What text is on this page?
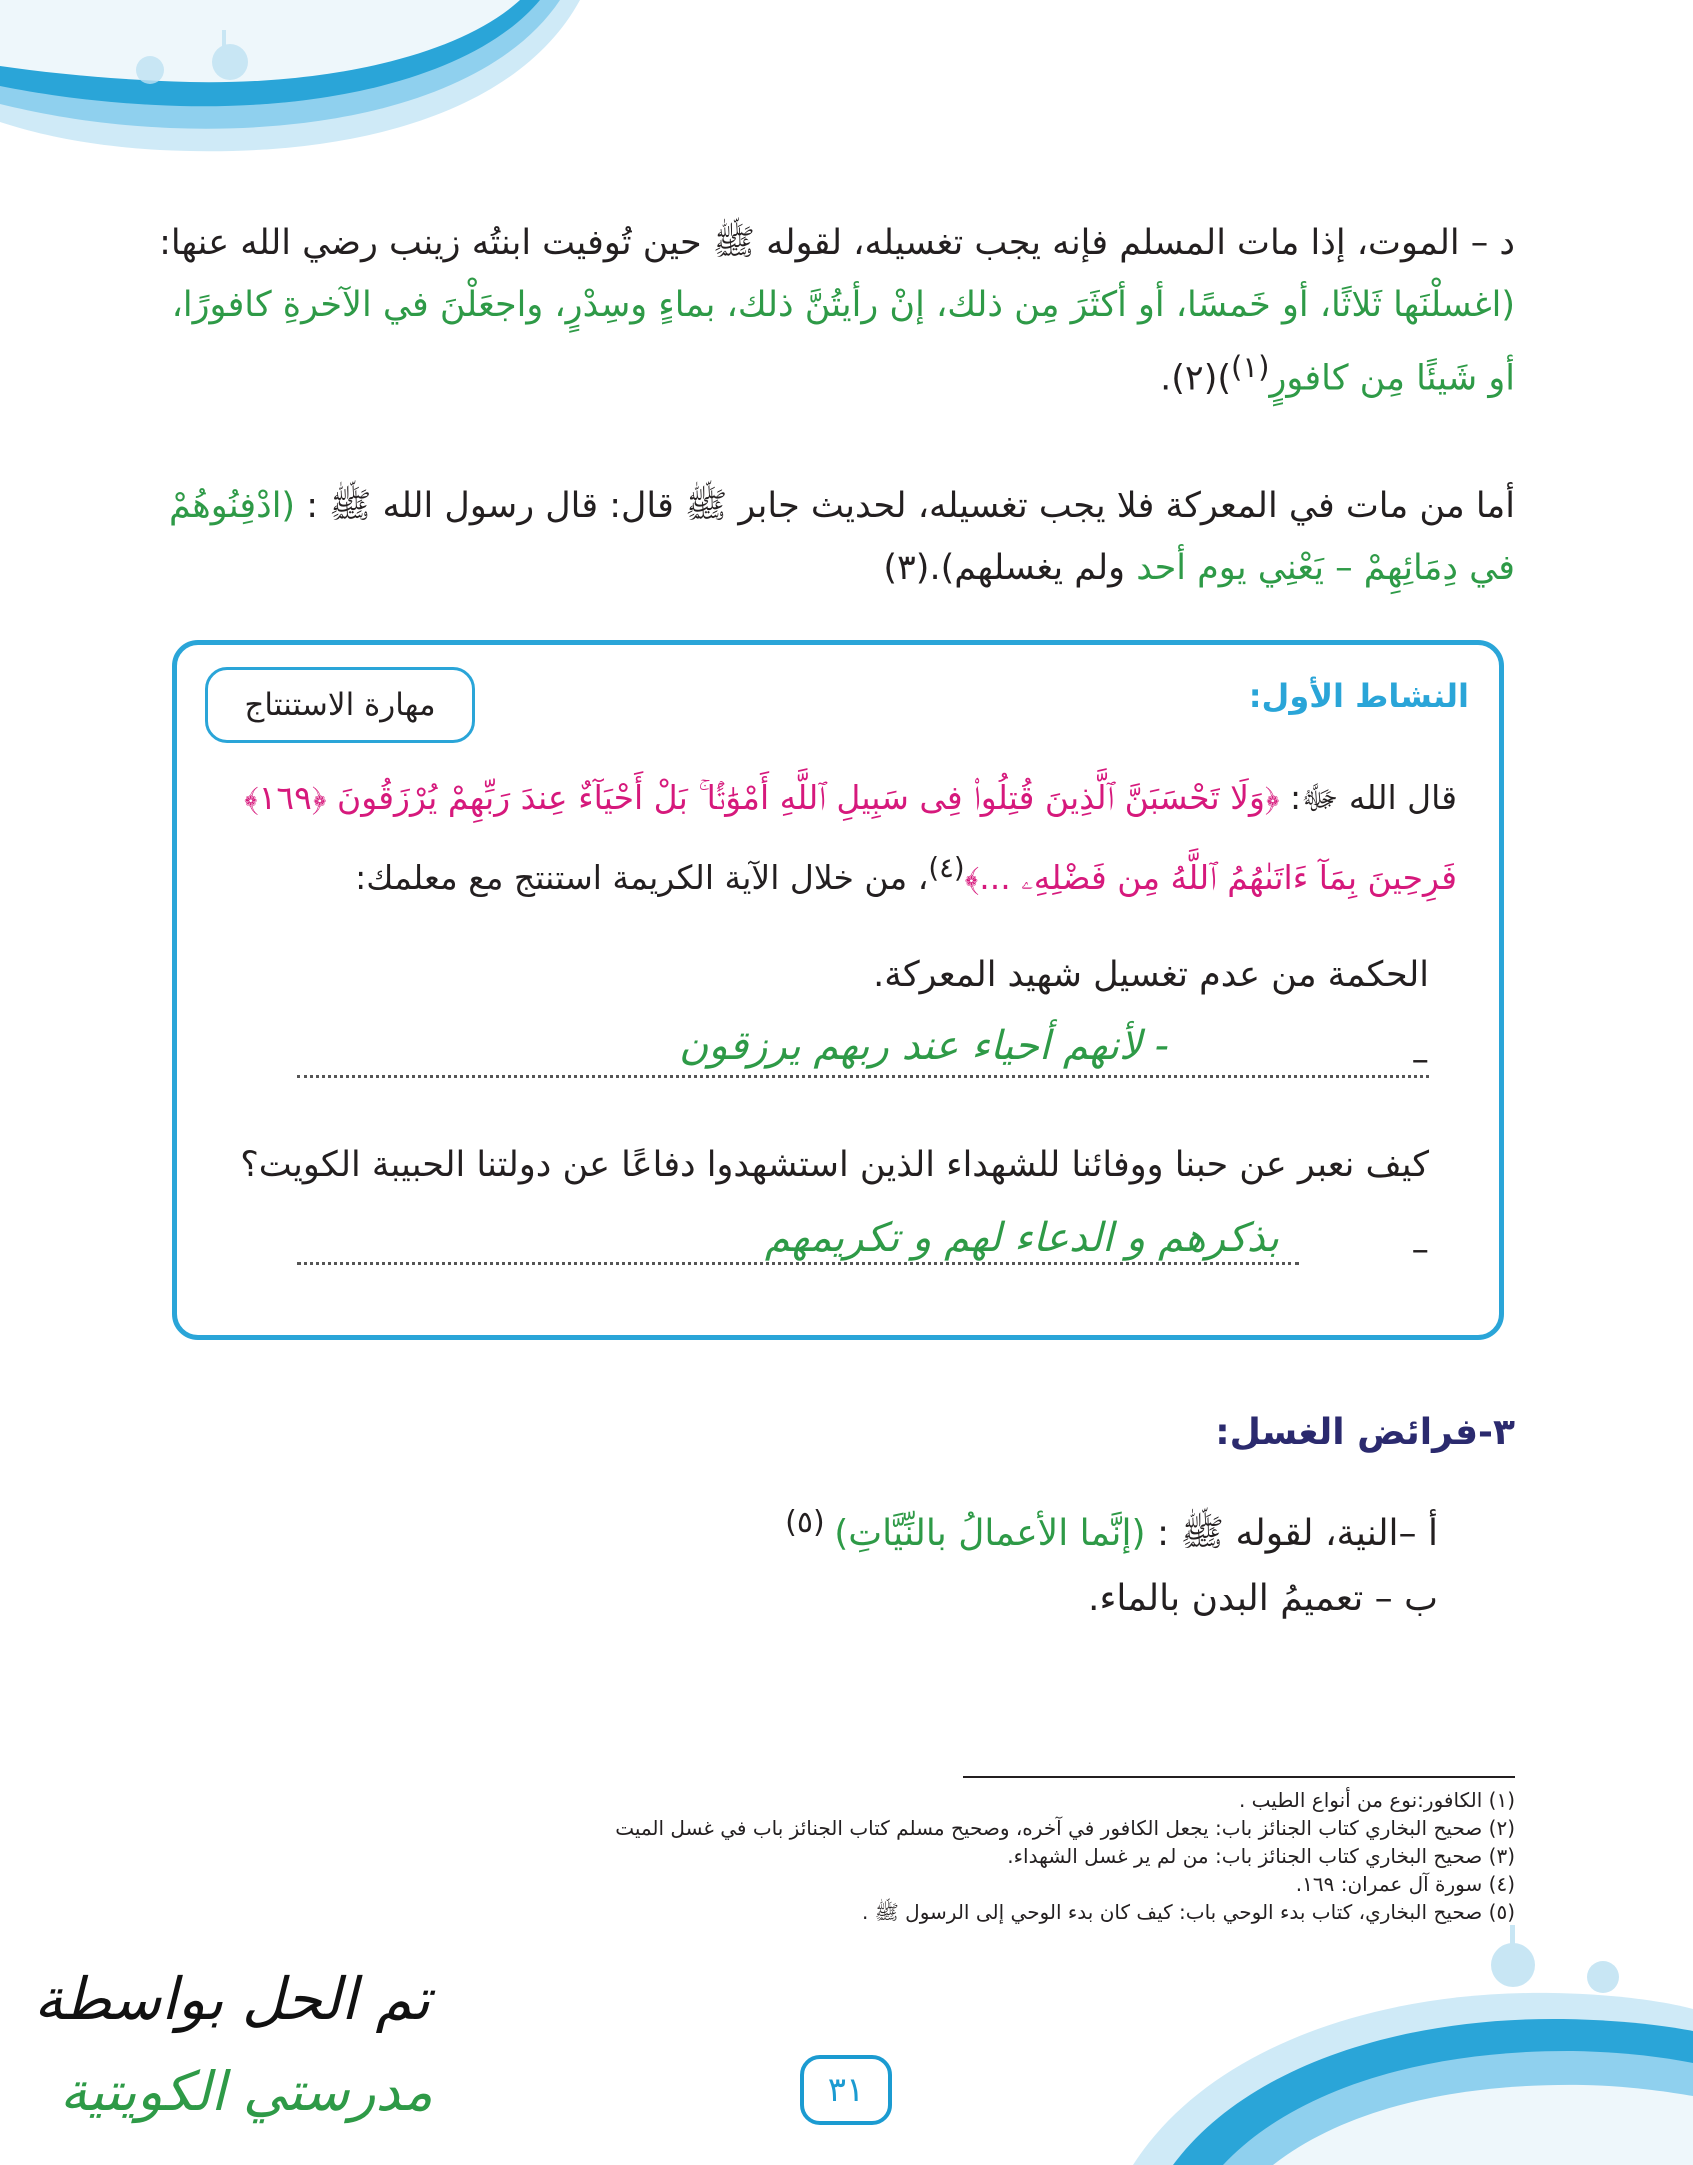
د – الموت، إذا مات المسلم فإنه يجب تغسيله، لقوله ﷺ حين تُوفيت ابنتُه زينب رضي الله عنها: (اغسلْنَها ثَلاثًا، أو خَمسًا، أو أكثَرَ مِن ذلك، إنْ رأيتُنَّ ذلك، بماءٍ وسِدْرٍ، واجعَلْنَ في الآخرةِ كافورًا، أو شَيئًا مِن كافورٍ$^{(١)}$)(٢).
أما من مات في المعركة فلا يجب تغسيله، لحديث جابر ﷺ قال: قال رسول الله ﷺ : (ادْفِنُوهُمْ في دِمَائِهِمْ – يَعْنِي يوم أحد ولم يغسلهم).(٣)
النشاط الأول:
مهارة الاستنتاج
قال الله ﷻ: ﴿وَلَا تَحْسَبَنَّ ٱلَّذِينَ قُتِلُوا۟ فِى سَبِيلِ ٱللَّهِ أَمْوَٰتًۢا ۚ بَلْ أَحْيَآءٌ عِندَ رَبِّهِمْ يُرْزَقُونَ ﴿١٦٩﴾ فَرِحِينَ بِمَآ ءَاتَىٰهُمُ ٱللَّهُ مِن فَضْلِهِۦ ...﴾$^{(٤)}$، من خلال الآية الكريمة استنتج مع معلمك:
الحكمة من عدم تغسيل شهيد المعركة.
–
- لأنهم أحياء عند ربهم يرزقون
كيف نعبر عن حبنا ووفائنا للشهداء الذين استشهدوا دفاعًا عن دولتنا الحبيبة الكويت؟
–
بذكرهم و الدعاء لهم و تكريمهم
٣-فرائض الغسل:
أ –النية، لقوله ﷺ : (إنَّما الأعمالُ بالنِّيَّاتِ) $^{(٥)}$
ب – تعميمُ البدن بالماء.
(١) الكافور:نوع من أنواع الطيب .
(٢) صحيح البخاري كتاب الجنائز باب: يجعل الكافور في آخره، وصحيح مسلم كتاب الجنائز باب في غسل الميت
(٣) صحيح البخاري كتاب الجنائز باب: من لم ير غسل الشهداء.
(٤) سورة آل عمران: ١٦٩.
(٥) صحيح البخاري، كتاب بدء الوحي باب: كيف كان بدء الوحي إلى الرسول ﷺ .
٣١
تم الحل بواسطة
مدرستي الكويتية
